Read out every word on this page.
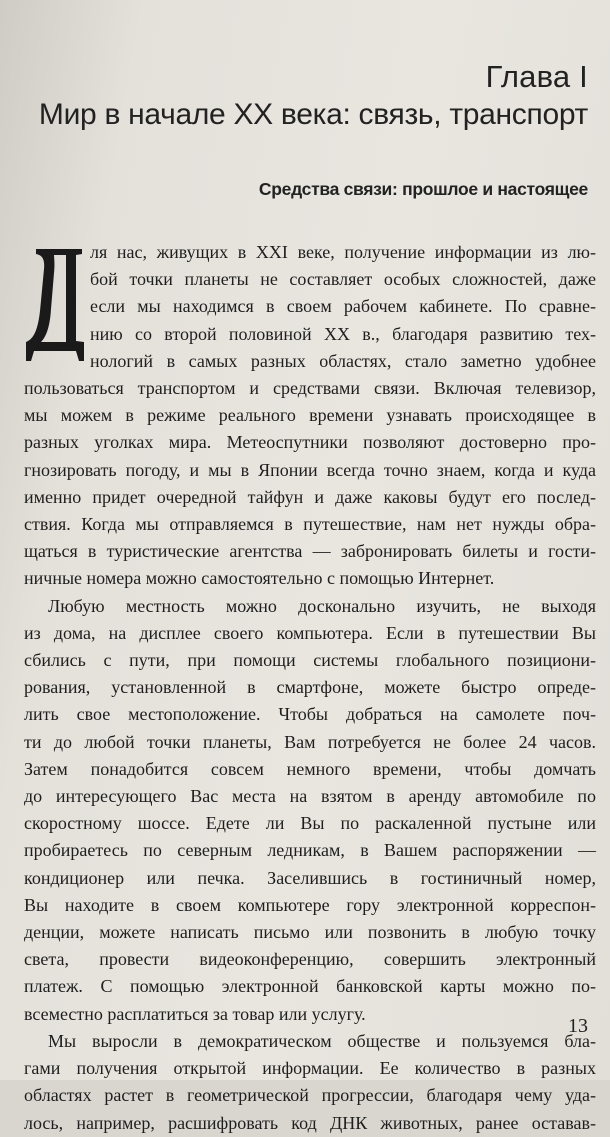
Глава I
Мир в начале XX века: связь, транспорт
Средства связи: прошлое и настоящее

ля нас, живущих в XXI веке, получение информации из лю-
бой точки планеты не составляет особых сложностей, даже
если мы находимся в своем рабочем кабинете. По сравне-
нию со второй половиной XX в., благодаря развитию тех-
нологий в самых разных областях, стало заметно удобнее
пользоваться транспортом и средствами связи. Включая телевизор,
мы можем в режиме реального времени узнавать происходящее в
разных уголках мира. Метеоспутники позволяют достоверно про-
гнозировать погоду, и мы в Японии всегда точно знаем, когда и куда
именно придет очередной тайфун и даже каковы будут его послед-
ствия. Когда мы отправляемся в путешествие, нам нет нужды обра-
щаться в туристические агентства — забронировать билеты и гости-
ничные номера можно самостоятельно с помощью Интернет.

Любую местность можно досконально изучить, не выходя
из дома, на дисплее своего компьютера. Если в путешествии Вы
сбились с пути, при помощи системы глобального позициони-
рования, установленной в смартфоне, можете быстро опреде-
лить свое местоположение. Чтобы добраться на самолете поч-
ти до любой точки планеты, Вам потребуется не более 24 часов.
Затем понадобится совсем немного времени, чтобы домчать
до интересующего Вас места на взятом в аренду автомобиле по
скоростному шоссе. Едете ли Вы по раскаленной пустыне или
пробираетесь по северным ледникам, в Вашем распоряжении —
кондиционер или печка. Заселившись в гостиничный номер,
Вы находите в своем компьютере гору электронной корреспон-
денции, можете написать письмо или позвонить в любую точку
света, провести видеоконференцию, совершить электронный
платеж. С помощью электронной банковской карты можно по-
всеместно расплатиться за товар или услугу.

Мы выросли в демократическом обществе и пользуемся бла-
гами получения открытой информации. Ее количество в разных
областях растет в геометрической прогрессии, благодаря чему уда-
лось, например, расшифровать код ДНК животных, ранее оставав-

13
